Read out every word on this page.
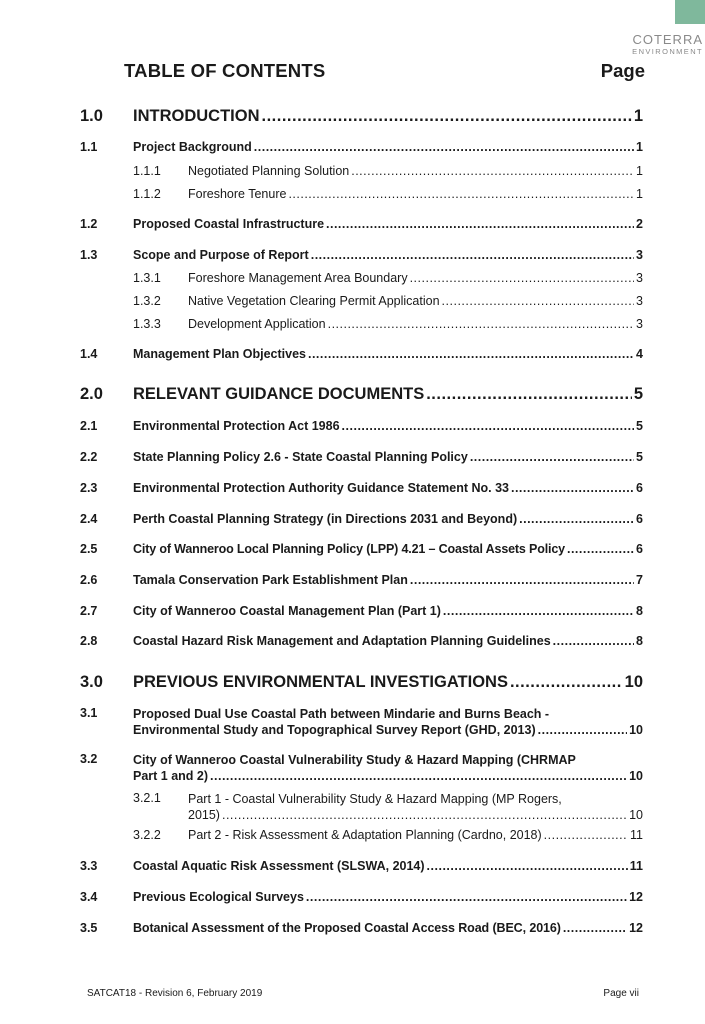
COTERRA
ENVIRONMENT
TABLE OF CONTENTS	Page
1.0 INTRODUCTION .....	1
1.1	Project Background .....	1
1.1.1 Negotiated Planning Solution .....	1
1.1.2 Foreshore Tenure .....	1
1.2	Proposed Coastal Infrastructure .....	2
1.3	Scope and Purpose of Report .....	3
1.3.1 Foreshore Management Area Boundary .....	3
1.3.2 Native Vegetation Clearing Permit Application .....	3
1.3.3 Development Application .....	3
1.4	Management Plan Objectives .....	4
2.0 RELEVANT GUIDANCE DOCUMENTS .....	5
2.1	Environmental Protection Act 1986 .....	5
2.2	State Planning Policy 2.6 - State Coastal Planning Policy .....	5
2.3	Environmental Protection Authority Guidance Statement No. 33 .....	6
2.4	Perth Coastal Planning Strategy (in Directions 2031 and Beyond) .....	6
2.5	City of Wanneroo Local Planning Policy (LPP) 4.21 – Coastal Assets Policy .....	6
2.6	Tamala Conservation Park Establishment Plan .....	7
2.7	City of Wanneroo Coastal Management Plan (Part 1) .....	8
2.8	Coastal Hazard Risk Management and Adaptation Planning Guidelines .....	8
3.0 PREVIOUS ENVIRONMENTAL INVESTIGATIONS .....	10
3.1	Proposed Dual Use Coastal Path between Mindarie and Burns Beach -
Environmental Study and Topographical Survey Report (GHD, 2013) .....	10
3.2	City of Wanneroo Coastal Vulnerability Study & Hazard Mapping (CHRMAP
Part 1 and 2) .....	10
3.2.1 Part 1 - Coastal Vulnerability Study & Hazard Mapping (MP Rogers,
2015) .....	10
3.2.2 Part 2 - Risk Assessment & Adaptation Planning (Cardno, 2018) .....	11
3.3	Coastal Aquatic Risk Assessment (SLSWA, 2014) .....	11
3.4	Previous Ecological Surveys .....	12
3.5	Botanical Assessment of the Proposed Coastal Access Road (BEC, 2016) .....	12
SATCAT18 - Revision 6, February 2019	Page vii
